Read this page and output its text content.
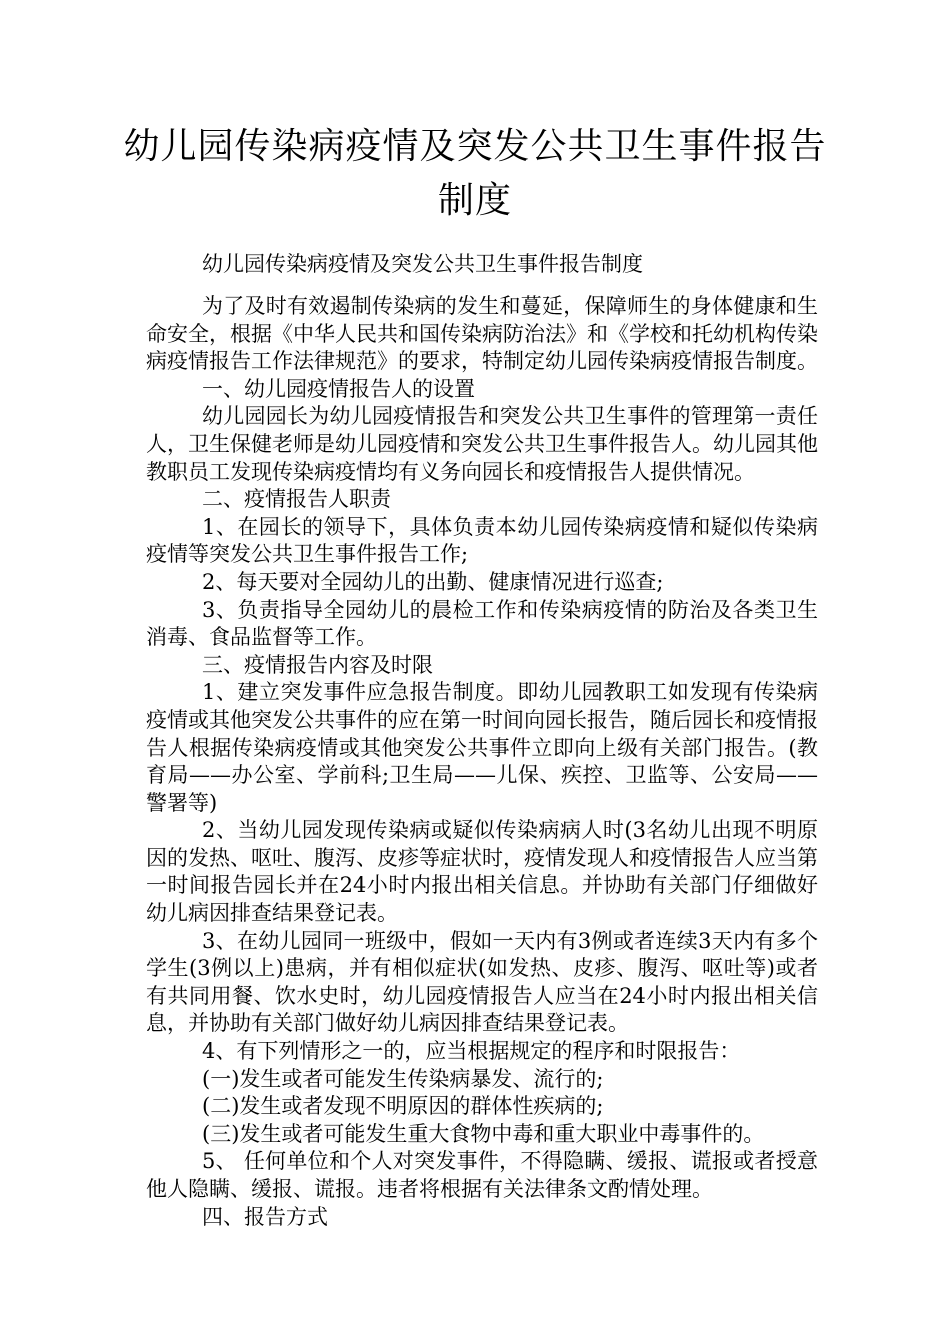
幼儿园传染病疫情及突发公共卫生事件报告制度
幼儿园传染病疫情及突发公共卫生事件报告制度

为了及时有效遏制传染病的发生和蔓延，保障师生的身体健康和生命安全，根据《中华人民共和国传染病防治法》和《学校和托幼机构传染病疫情报告工作法律规范》的要求，特制定幼儿园传染病疫情报告制度。

一、幼儿园疫情报告人的设置

幼儿园园长为幼儿园疫情报告和突发公共卫生事件的管理第一责任人，卫生保健老师是幼儿园疫情和突发公共卫生事件报告人。幼儿园其他教职员工发现传染病疫情均有义务向园长和疫情报告人提供情况。

二、疫情报告人职责

1、在园长的领导下，具体负责本幼儿园传染病疫情和疑似传染病疫情等突发公共卫生事件报告工作;

2、每天要对全园幼儿的出勤、健康情况进行巡查;

3、负责指导全园幼儿的晨检工作和传染病疫情的防治及各类卫生消毒、食品监督等工作。

三、疫情报告内容及时限

1、建立突发事件应急报告制度。即幼儿园教职工如发现有传染病疫情或其他突发公共事件的应在第一时间向园长报告，随后园长和疫情报告人根据传染病疫情或其他突发公共事件立即向上级有关部门报告。(教育局——办公室、学前科;卫生局——儿保、疾控、卫监等、公安局——警署等)

2、当幼儿园发现传染病或疑似传染病病人时(3名幼儿出现不明原因的发热、呕吐、腹泻、皮疹等症状时，疫情发现人和疫情报告人应当第一时间报告园长并在24小时内报出相关信息。并协助有关部门仔细做好幼儿病因排查结果登记表。

3、在幼儿园同一班级中，假如一天内有3例或者连续3天内有多个学生(3例以上)患病，并有相似症状(如发热、皮疹、腹泻、呕吐等)或者有共同用餐、饮水史时，幼儿园疫情报告人应当在24小时内报出相关信息，并协助有关部门做好幼儿病因排查结果登记表。

4、有下列情形之一的，应当根据规定的程序和时限报告：

(一)发生或者可能发生传染病暴发、流行的;

(二)发生或者发现不明原因的群体性疾病的;

(三)发生或者可能发生重大食物中毒和重大职业中毒事件的。

5、 任何单位和个人对突发事件，不得隐瞒、缓报、谎报或者授意他人隐瞒、缓报、谎报。违者将根据有关法律条文酌情处理。

四、报告方式
